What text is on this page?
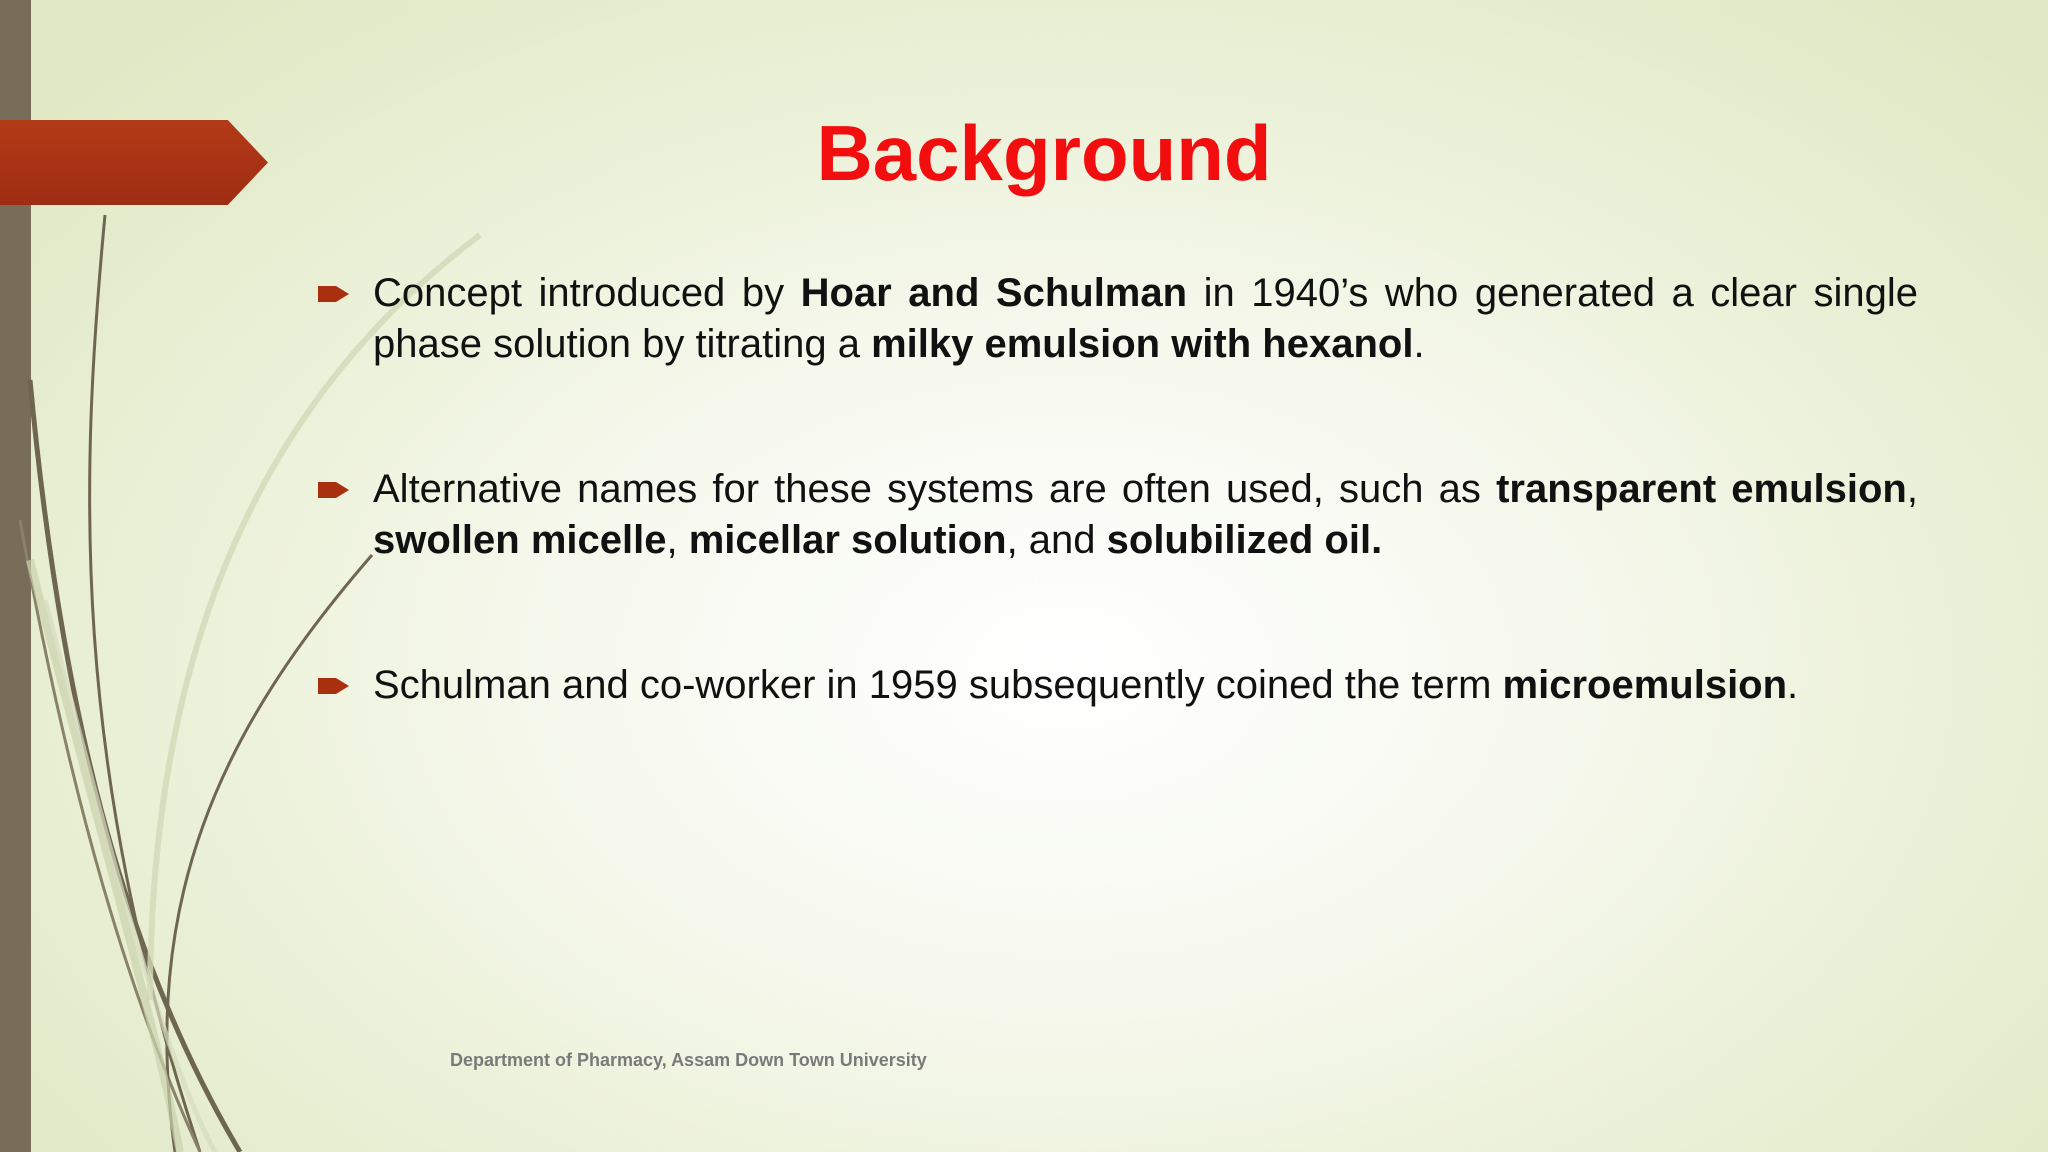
Background
Concept introduced by Hoar and Schulman in 1940’s who generated a clear single phase solution by titrating a milky emulsion with hexanol.
Alternative names for these systems are often used, such as transparent emulsion, swollen micelle, micellar solution, and solubilized oil.
Schulman and co-worker in 1959 subsequently coined the term microemulsion.
Department of Pharmacy, Assam Down Town University
